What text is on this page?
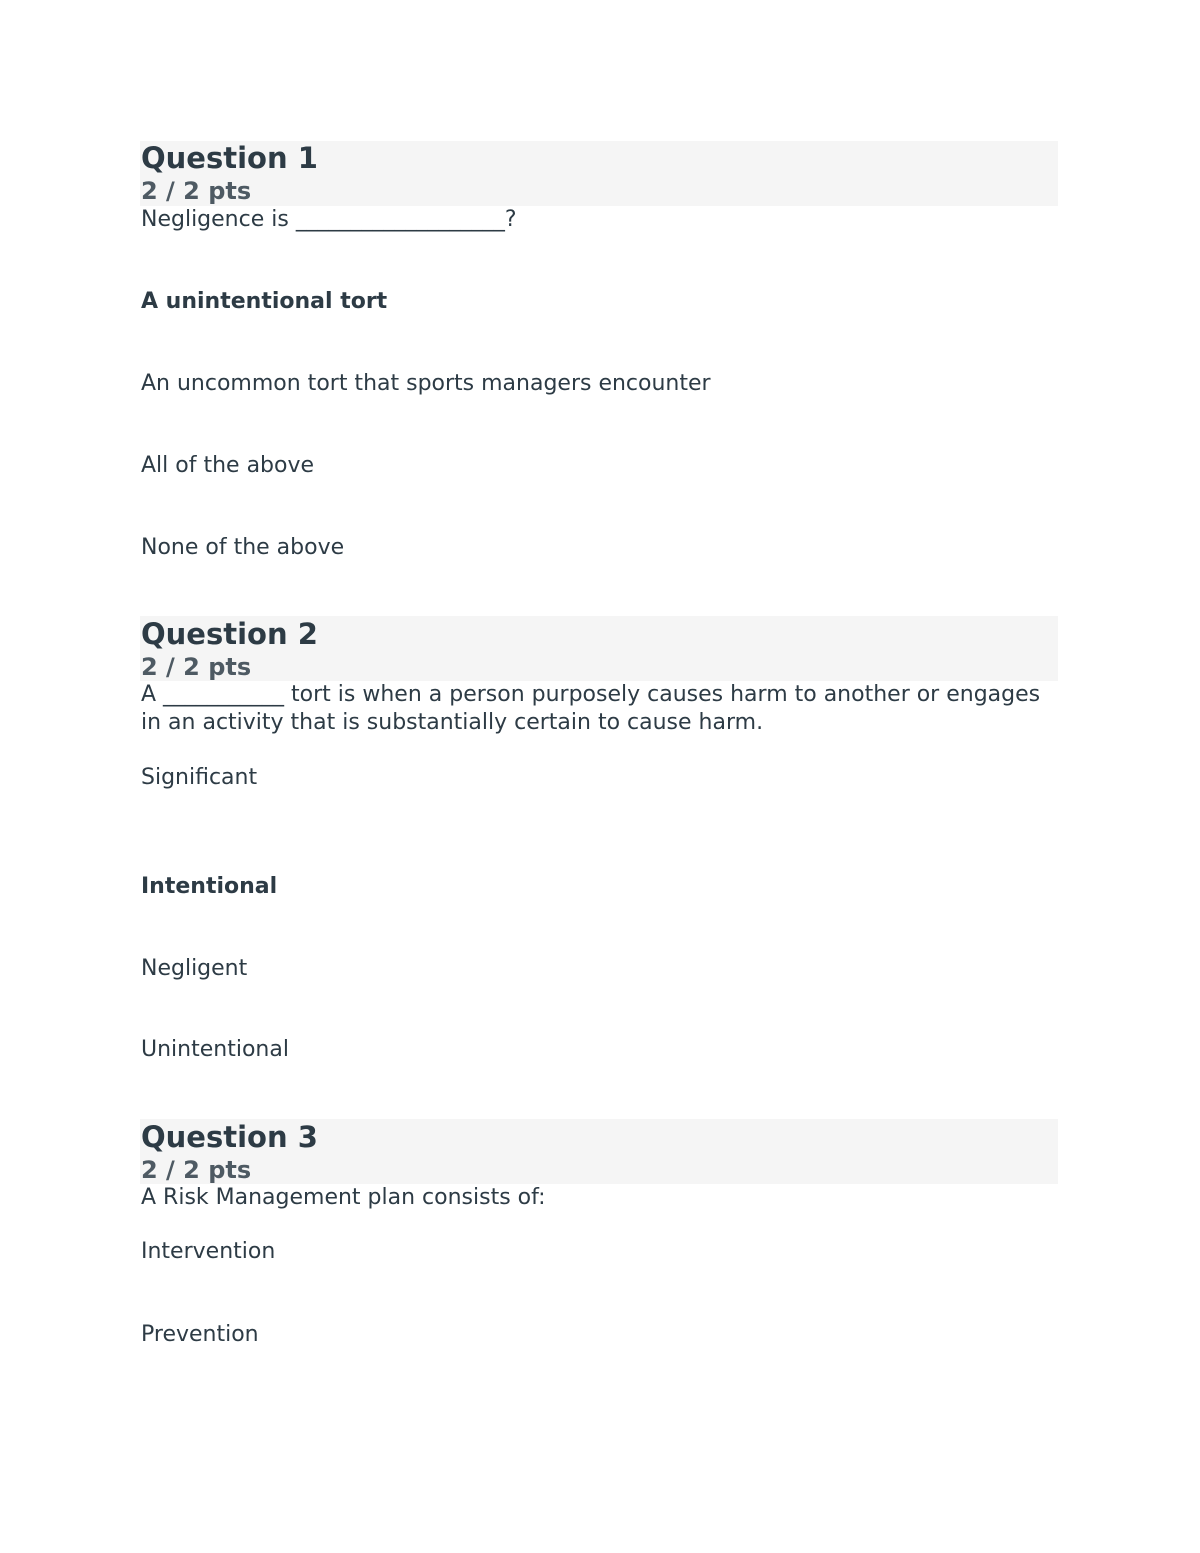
Question 1
2 / 2 pts
Negligence is ___________________?
A unintentional tort
An uncommon tort that sports managers encounter
All of the above
None of the above
Question 2
2 / 2 pts
A ___________ tort is when a person purposely causes harm to another or engages in an activity that is substantially certain to cause harm.
Significant
Intentional
Negligent
Unintentional
Question 3
2 / 2 pts
A Risk Management plan consists of:
Intervention
Prevention
